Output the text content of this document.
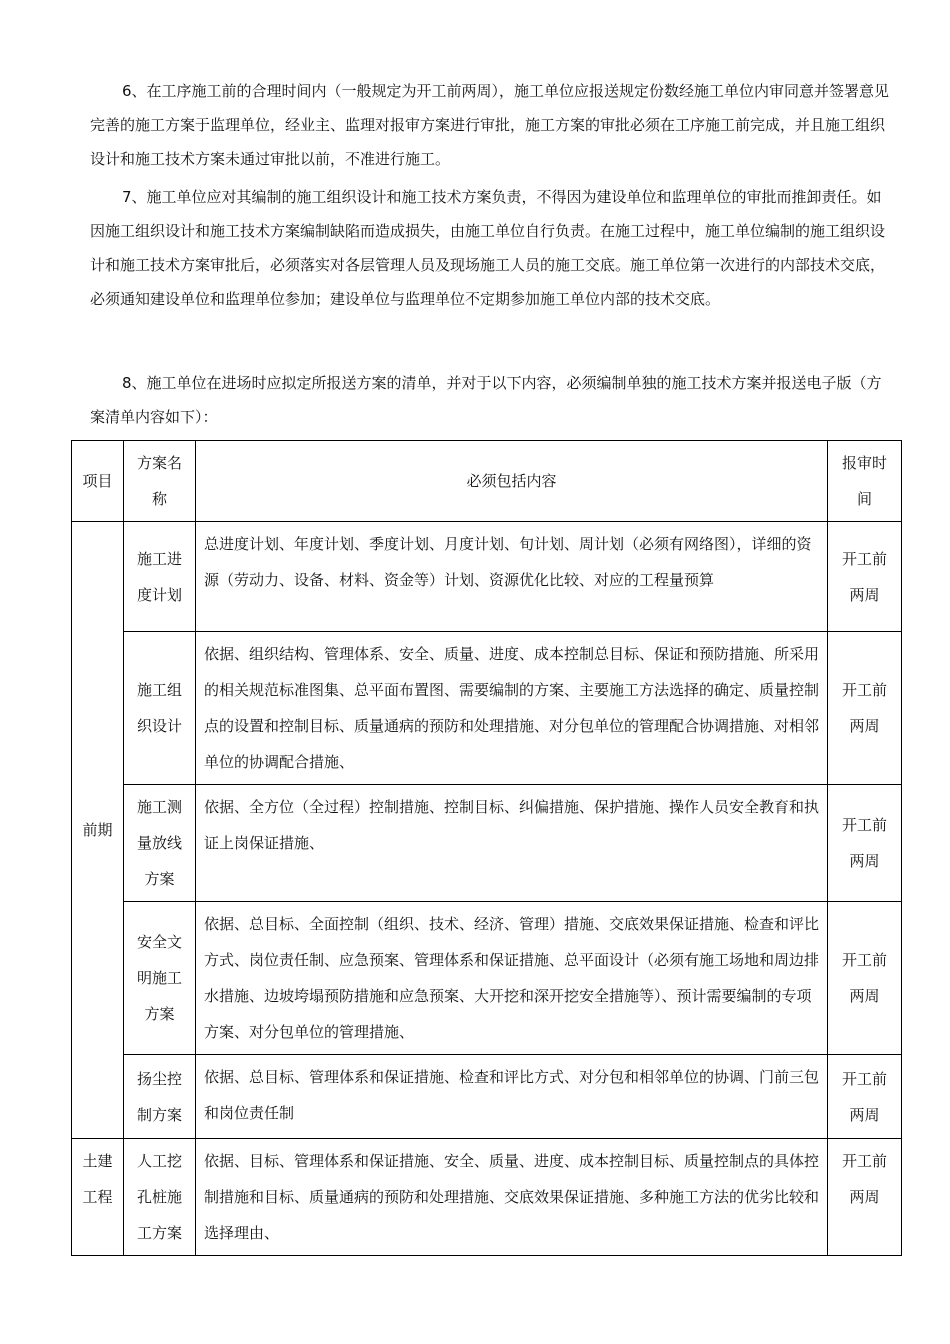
6、在工序施工前的合理时间内（一般规定为开工前两周），施工单位应报送规定份数经施工单位内审同意并签署意见完善的施工方案于监理单位，经业主、监理对报审方案进行审批，施工方案的审批必须在工序施工前完成，并且施工组织设计和施工技术方案未通过审批以前，不准进行施工。

7、施工单位应对其编制的施工组织设计和施工技术方案负责，不得因为建设单位和监理单位的审批而推卸责任。如因施工组织设计和施工技术方案编制缺陷而造成损失，由施工单位自行负责。在施工过程中，施工单位编制的施工组织设计和施工技术方案审批后，必须落实对各层管理人员及现场施工人员的施工交底。施工单位第一次进行的内部技术交底，必须通知建设单位和监理单位参加；建设单位与监理单位不定期参加施工单位内部的技术交底。

8、施工单位在进场时应拟定所报送方案的清单，并对于以下内容，必须编制单独的施工技术方案并报送电子版（方案清单内容如下）：

项目	方案名称	必须包括内容	报审时间
前期	施工进度计划	总进度计划、年度计划、季度计划、月度计划、旬计划、周计划（必须有网络图），详细的资源（劳动力、设备、材料、资金等）计划、资源优化比较、对应的工程量预算	开工前两周
	施工组织设计	依据、组织结构、管理体系、安全、质量、进度、成本控制总目标、保证和预防措施、所采用的相关规范标准图集、总平面布置图、需要编制的方案、主要施工方法选择的确定、质量控制点的设置和控制目标、质量通病的预防和处理措施、对分包单位的管理配合协调措施、对相邻单位的协调配合措施、	开工前两周
	施工测量放线方案	依据、全方位（全过程）控制措施、控制目标、纠偏措施、保护措施、操作人员安全教育和执证上岗保证措施、	开工前两周
	安全文明施工方案	依据、总目标、全面控制（组织、技术、经济、管理）措施、交底效果保证措施、检查和评比方式、岗位责任制、应急预案、管理体系和保证措施、总平面设计（必须有施工场地和周边排水措施、边坡垮塌预防措施和应急预案、大开挖和深开挖安全措施等）、预计需要编制的专项方案、对分包单位的管理措施、	开工前两周
	扬尘控制方案	依据、总目标、管理体系和保证措施、检查和评比方式、对分包和相邻单位的协调、门前三包和岗位责任制	开工前两周
土建工程	人工挖孔桩施工方案	依据、目标、管理体系和保证措施、安全、质量、进度、成本控制目标、质量控制点的具体控制措施和目标、质量通病的预防和处理措施、交底效果保证措施、多种施工方法的优劣比较和选择理由、	开工前两周
